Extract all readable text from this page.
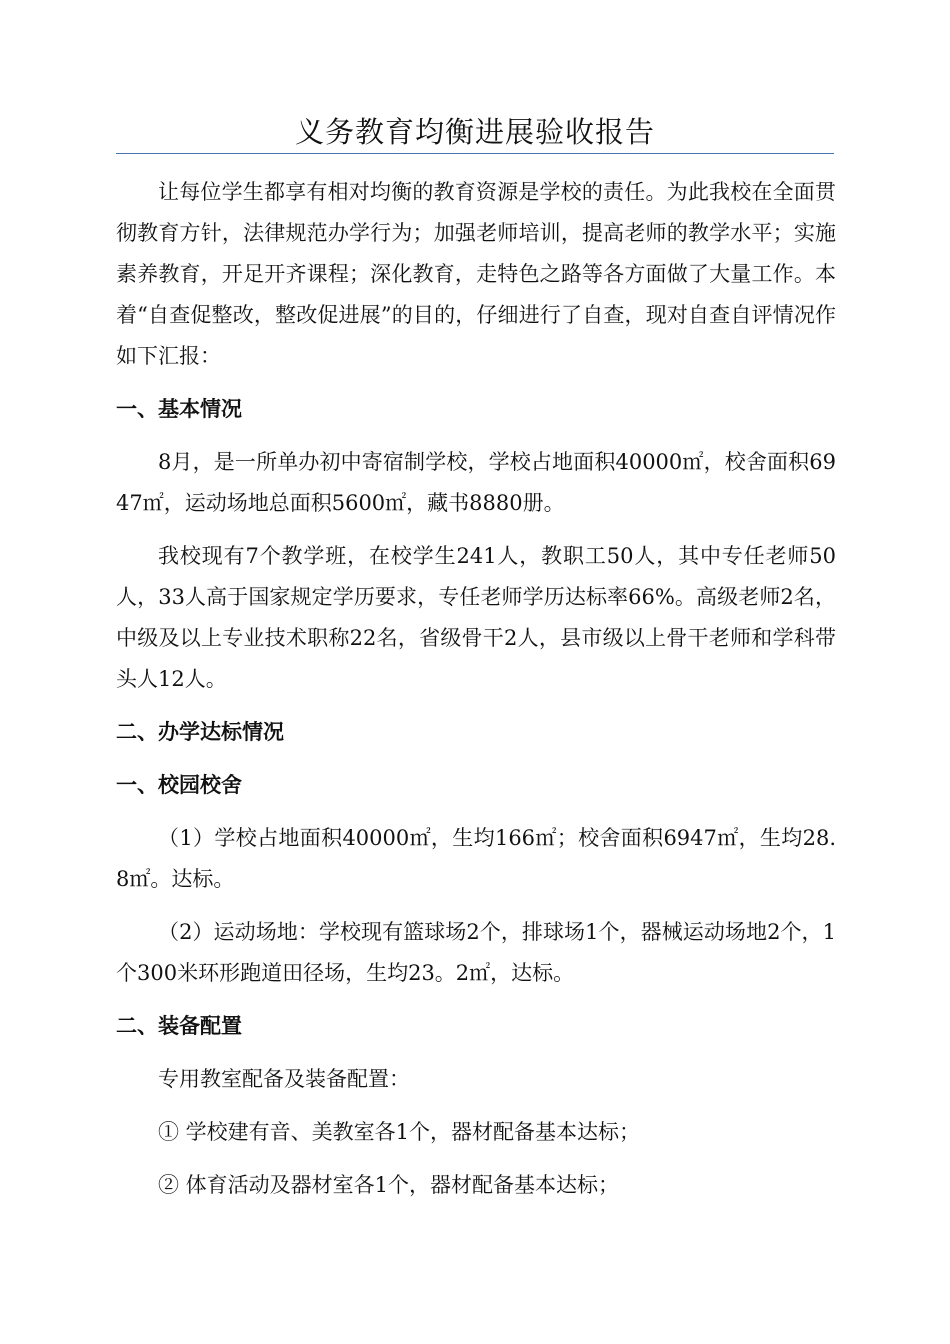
义务教育均衡进展验收报告

让每位学生都享有相对均衡的教育资源是学校的责任。为此我校在全面贯彻教育方针，法律规范办学行为；加强老师培训，提高老师的教学水平；实施素养教育，开足开齐课程；深化教育，走特色之路等各方面做了大量工作。本着“自查促整改，整改促进展”的目的，仔细进行了自查，现对自查自评情况作如下汇报：

一、基本情况

8月，是一所单办初中寄宿制学校，学校占地面积40000㎡，校舍面积6947㎡，运动场地总面积5600㎡，藏书8880册。

我校现有7个教学班，在校学生241人，教职工50人，其中专任老师50人，33人高于国家规定学历要求，专任老师学历达标率66%。高级老师2名，中级及以上专业技术职称22名，省级骨干2人，县市级以上骨干老师和学科带头人12人。

二、办学达标情况
一、校园校舍

（1）学校占地面积40000㎡，生均166㎡；校舍面积6947㎡，生均28.8㎡。达标。

（2）运动场地：学校现有篮球场2个，排球场1个，器械运动场地2个，1个300米环形跑道田径场，生均23。2㎡，达标。

二、装备配置

专用教室配备及装备配置：

① 学校建有音、美教室各1个，器材配备基本达标；

② 体育活动及器材室各1个，器材配备基本达标；
